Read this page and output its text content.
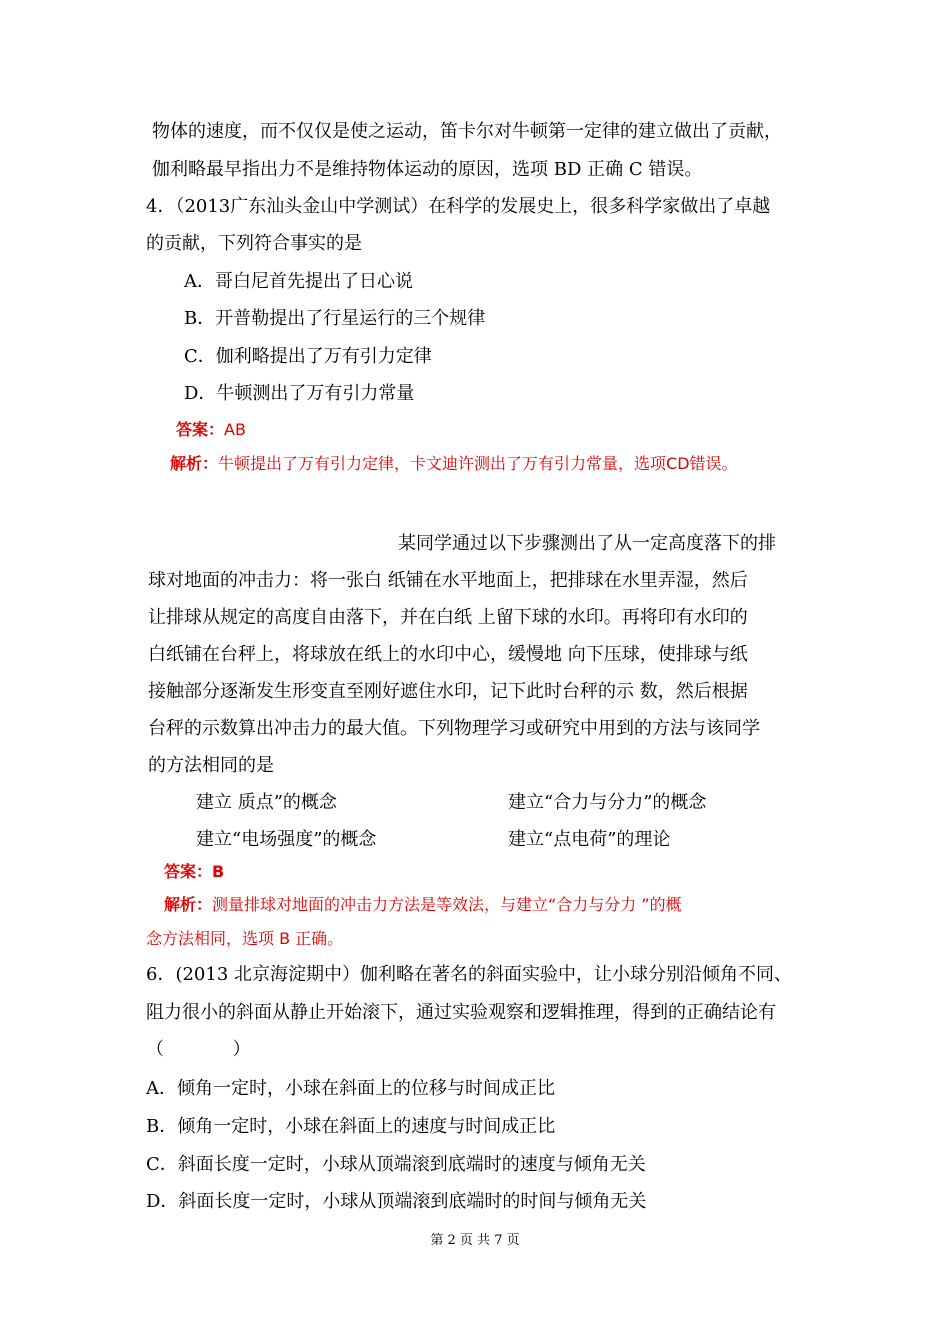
物体的速度，而不仅仅是使之运动，笛卡尔对牛顿第一定律的建立做出了贡献，
伽利略最早指出力不是维持物体运动的原因，选项 BD 正确 C 错误。
4．（2013广东汕头金山中学测试）在科学的发展史上，很多科学家做出了卓越
的贡献，下列符合事实的是
A．哥白尼首先提出了日心说
B．开普勒提出了行星运行的三个规律
C．伽利略提出了万有引力定律
D．牛顿测出了万有引力常量
答案：AB
解析：牛顿提出了万有引力定律，卡文迪许测出了万有引力常量，选项CD错误。
某同学通过以下步骤测出了从一定高度落下的排
球对地面的冲击力：将一张白 纸铺在水平地面上，把排球在水里弄湿，然后
让排球从规定的高度自由落下，并在白纸 上留下球的水印。再将印有水印的
白纸铺在台秤上，将球放在纸上的水印中心，缓慢地 向下压球，使排球与纸
接触部分逐渐发生形变直至刚好遮住水印，记下此时台秤的示 数，然后根据
台秤的示数算出冲击力的最大值。下列物理学习或研究中用到的方法与该同学
的方法相同的是
建立 质点”的概念	建立“合力与分力”的概念
建立“电场强度”的概念	建立“点电荷”的理论
答案：B
解析：测量排球对地面的冲击力方法是等效法，与建立“合力与分力 ”的概
念方法相同，选项 B 正确。
6．(2013 北京海淀期中）伽利略在著名的斜面实验中，让小球分别沿倾角不同、
阻力很小的斜面从静止开始滚下，通过实验观察和逻辑推理，得到的正确结论有
（            ）
A．倾角一定时，小球在斜面上的位移与时间成正比
B．倾角一定时，小球在斜面上的速度与时间成正比
C．斜面长度一定时，小球从顶端滚到底端时的速度与倾角无关
D．斜面长度一定时，小球从顶端滚到底端时的时间与倾角无关
第 2 页 共 7 页
